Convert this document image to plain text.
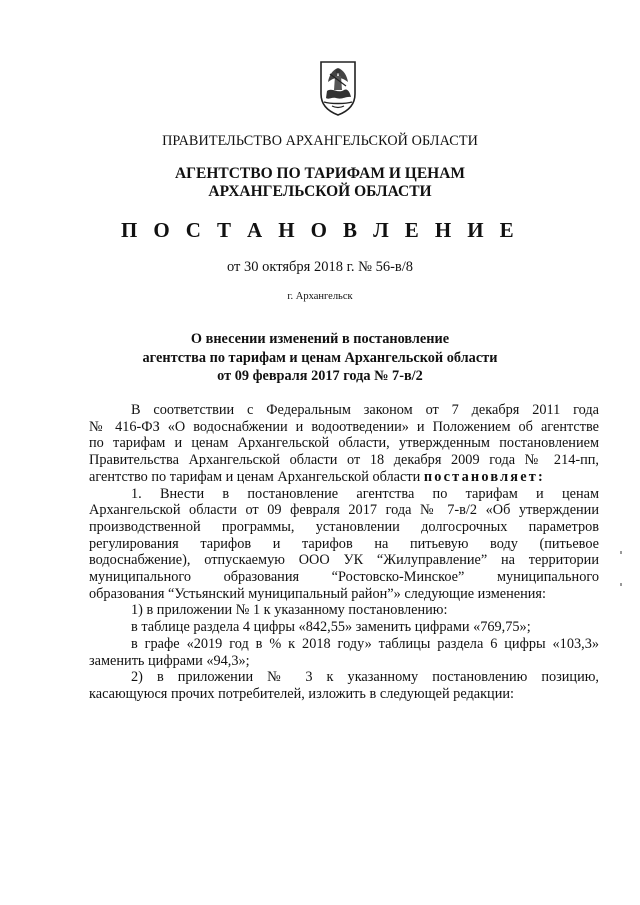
ПРАВИТЕЛЬСТВО АРХАНГЕЛЬСКОЙ ОБЛАСТИ
АГЕНТСТВО ПО ТАРИФАМ И ЦЕНАМ
АРХАНГЕЛЬСКОЙ ОБЛАСТИ
П О С Т А Н О В Л Е Н И Е
от 30 октября 2018 г. № 56-в/8
г. Архангельск
О внесении изменений в постановление
агентства по тарифам и ценам Архангельской области
от 09 февраля 2017 года № 7-в/2

В соответствии с Федеральным законом от 7 декабря 2011 года

№ 416-ФЗ «О водоснабжении и водоотведении» и Положением об агентстве

по тарифам и ценам Архангельской области, утвержденным постановлением

Правительства Архангельской области от 18 декабря 2009 года № 214-пп,

агентство по тарифам и ценам Архангельской области постановляет:

1. Внести в постановление агентства по тарифам и ценам

Архангельской области от 09 февраля 2017 года № 7-в/2 «Об утверждении

производственной программы, установлении долгосрочных параметров

регулирования тарифов и тарифов на питьевую воду (питьевое

водоснабжение), отпускаемую ООО УК “Жилуправление” на территории

муниципального образования “Ростовско-Минское” муниципального

образования “Устьянский муниципальный район”» следующие изменения:

1) в приложении № 1 к указанному постановлению:

в таблице раздела 4 цифры «842,55» заменить цифрами «769,75»;

в графе «2019 год в % к 2018 году» таблицы раздела 6 цифры «103,3»

заменить цифрами «94,3»;

2) в приложении № 3 к указанному постановлению позицию,

касающуюся прочих потребителей, изложить в следующей редакции:
